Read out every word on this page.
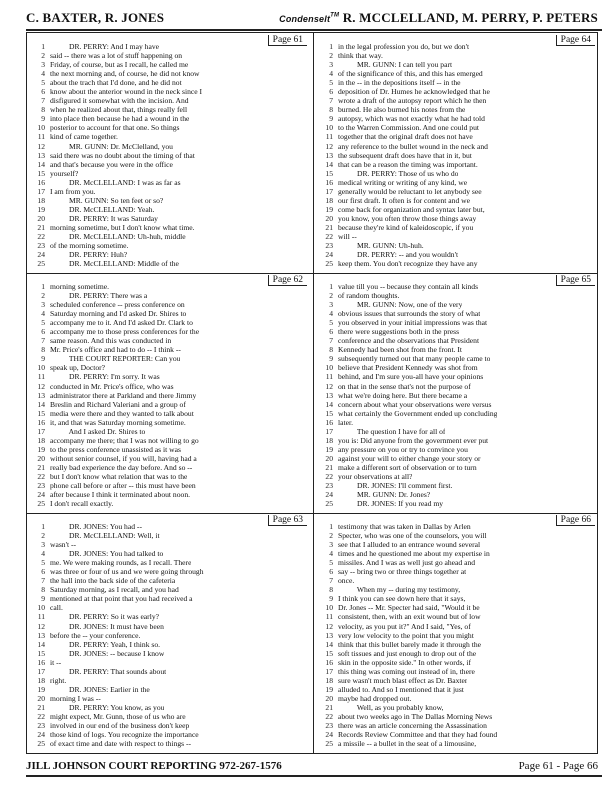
C. BAXTER, R. JONES	Condenselt™ R. MCCLELLAND, M. PERRY, P. PETERS
Page 61
1 DR. PERRY: And I may have
2 said -- there was a lot of stuff happening on
3 Friday, of course, but as I recall, he called me
4 the next morning and, of course, he did not know
5 about the trach that I'd done, and he did not
6 know about the anterior wound in the neck since I
7 disfigured it somewhat with the incision. And
8 when he realized about that, things really fell
9 into place then because he had a wound in the
10 posterior to account for that one. So things
11 kind of came together.
12 MR. GUNN: Dr. McClelland, you
13 said there was no doubt about the timing of that
14 and that's because you were in the office
15 yourself?
16 DR. McCLELLAND: I was as far as
17 I am from you.
18 MR. GUNN: So ten feet or so?
19 DR. McCLELLAND: Yeah.
20 DR. PERRY: It was Saturday
21 morning sometime, but I don't know what time.
22 DR. McCLELLAND: Uh-huh, middle
23 of the morning sometime.
24 DR. PERRY: Huh?
25 DR. McCLELLAND: Middle of the
Page 64
1 in the legal profession you do, but we don't
2 think that way.
3 MR. GUNN: I can tell you part
4 of the significance of this, and this has emerged
5 in the -- in the depositions itself -- in the
6 deposition of Dr. Humes he acknowledged that he
7 wrote a draft of the autopsy report which he then
8 burned. He also burned his notes from the
9 autopsy, which was not exactly what he had told
10 to the Warren Commission. And one could put
11 together that the original draft does not have
12 any reference to the bullet wound in the neck and
13 the subsequent draft does have that in it, but
14 that can be a reason the timing was important.
15 DR. PERRY: Those of us who do
16 medical writing or writing of any kind, we
17 generally would be reluctant to let anybody see
18 our first draft. It often is for content and we
19 come back for organization and syntax later but,
20 you know, you often throw those things away
21 because they're kind of kaleidoscopic, if you
22 will --
23 MR. GUNN: Uh-huh.
24 DR. PERRY: -- and you wouldn't
25 keep them. You don't recognize they have any
Page 62
1 morning sometime.
2 DR. PERRY: There was a
3 scheduled conference -- press conference on
4 Saturday morning and I'd asked Dr. Shires to
5 accompany me to it. And I'd asked Dr. Clark to
6 accompany me to those press conferences for the
7 same reason. And this was conducted in
8 Mr. Price's office and had to do -- I think --
9 THE COURT REPORTER: Can you
10 speak up, Doctor?
11 DR. PERRY: I'm sorry. It was
12 conducted in Mr. Price's office, who was
13 administrator there at Parkland and there Jimmy
14 Breslin and Richard Valeriani and a group of
15 media were there and they wanted to talk about
16 it, and that was Saturday morning sometime.
17 And I asked Dr. Shires to
18 accompany me there; that I was not willing to go
19 to the press conference unassisted as it was
20 without senior counsel, if you will, having had a
21 really bad experience the day before. And so --
22 but I don't know what relation that was to the
23 phone call before or after -- this must have been
24 after because I think it terminated about noon.
25 I don't recall exactly.
Page 65
1 value till you -- because they contain all kinds
2 of random thoughts.
3 MR. GUNN: Now, one of the very
4 obvious issues that surrounds the story of what
5 you observed in your initial impressions was that
6 there were suggestions both in the press
7 conference and the observations that President
8 Kennedy had been shot from the front. It
9 subsequently turned out that many people came to
10 believe that President Kennedy was shot from
11 behind, and I'm sure you-all have your opinions
12 on that in the sense that's not the purpose of
13 what we're doing here. But there became a
14 concern about what your observations were versus
15 what certainly the Government ended up concluding
16 later.
17 The question I have for all of
18 you is: Did anyone from the government ever put
19 any pressure on you or try to convince you
20 against your will to either change your story or
21 make a different sort of observation or to turn
22 your observations at all?
23 DR. JONES: I'll comment first.
24 MR. GUNN: Dr. Jones?
25 DR. JONES: If you read my
Page 63
1 DR. JONES: You had --
2 DR. McCLELLAND: Well, it
3 wasn't --
4 DR. JONES: You had talked to
5 me. We were making rounds, as I recall. There
6 was three or four of us and we were going through
7 the hall into the back side of the cafeteria
8 Saturday morning, as I recall, and you had
9 mentioned at that point that you had received a
10 call.
11 DR. PERRY: So it was early?
12 DR. JONES: It must have been
13 before the -- your conference.
14 DR. PERRY: Yeah, I think so.
15 DR. JONES: -- because I know
16 it --
17 DR. PERRY: That sounds about
18 right.
19 DR. JONES: Earlier in the
20 morning I was --
21 DR. PERRY: You know, as you
22 might expect, Mr. Gunn, those of us who are
23 involved in our end of the business don't keep
24 those kind of logs. You recognize the importance
25 of exact time and date with respect to things --
Page 66
1 testimony that was taken in Dallas by Arlen
2 Specter, who was one of the counselors, you will
3 see that I alluded to an entrance wound several
4 times and he questioned me about my expertise in
5 missiles. And I was as well just go ahead and
6 say -- bring two or three things together at
7 once.
8 When my -- during my testimony,
9 I think you can see down here that it says,
10 Dr. Jones -- Mr. Specter had said, "Would it be
11 consistent, then, with an exit wound but of low
12 velocity, as you put it?" And I said, "Yes, of
13 very low velocity to the point that you might
14 think that this bullet barely made it through the
15 soft tissues and just enough to drop out of the
16 skin in the opposite side." In other words, if
17 this thing was coming out instead of in, there
18 sure wasn't much blast effect as Dr. Baxter
19 alluded to. And so I mentioned that it just
20 maybe had dropped out.
21 Well, as you probably know,
22 about two weeks ago in The Dallas Morning News
23 there was an article concerning the Assassination
24 Records Review Committee and that they had found
25 a missile -- a bullet in the seat of a limousine,
JILL JOHNSON COURT REPORTING 972-267-1576	Page 61 - Page 66
